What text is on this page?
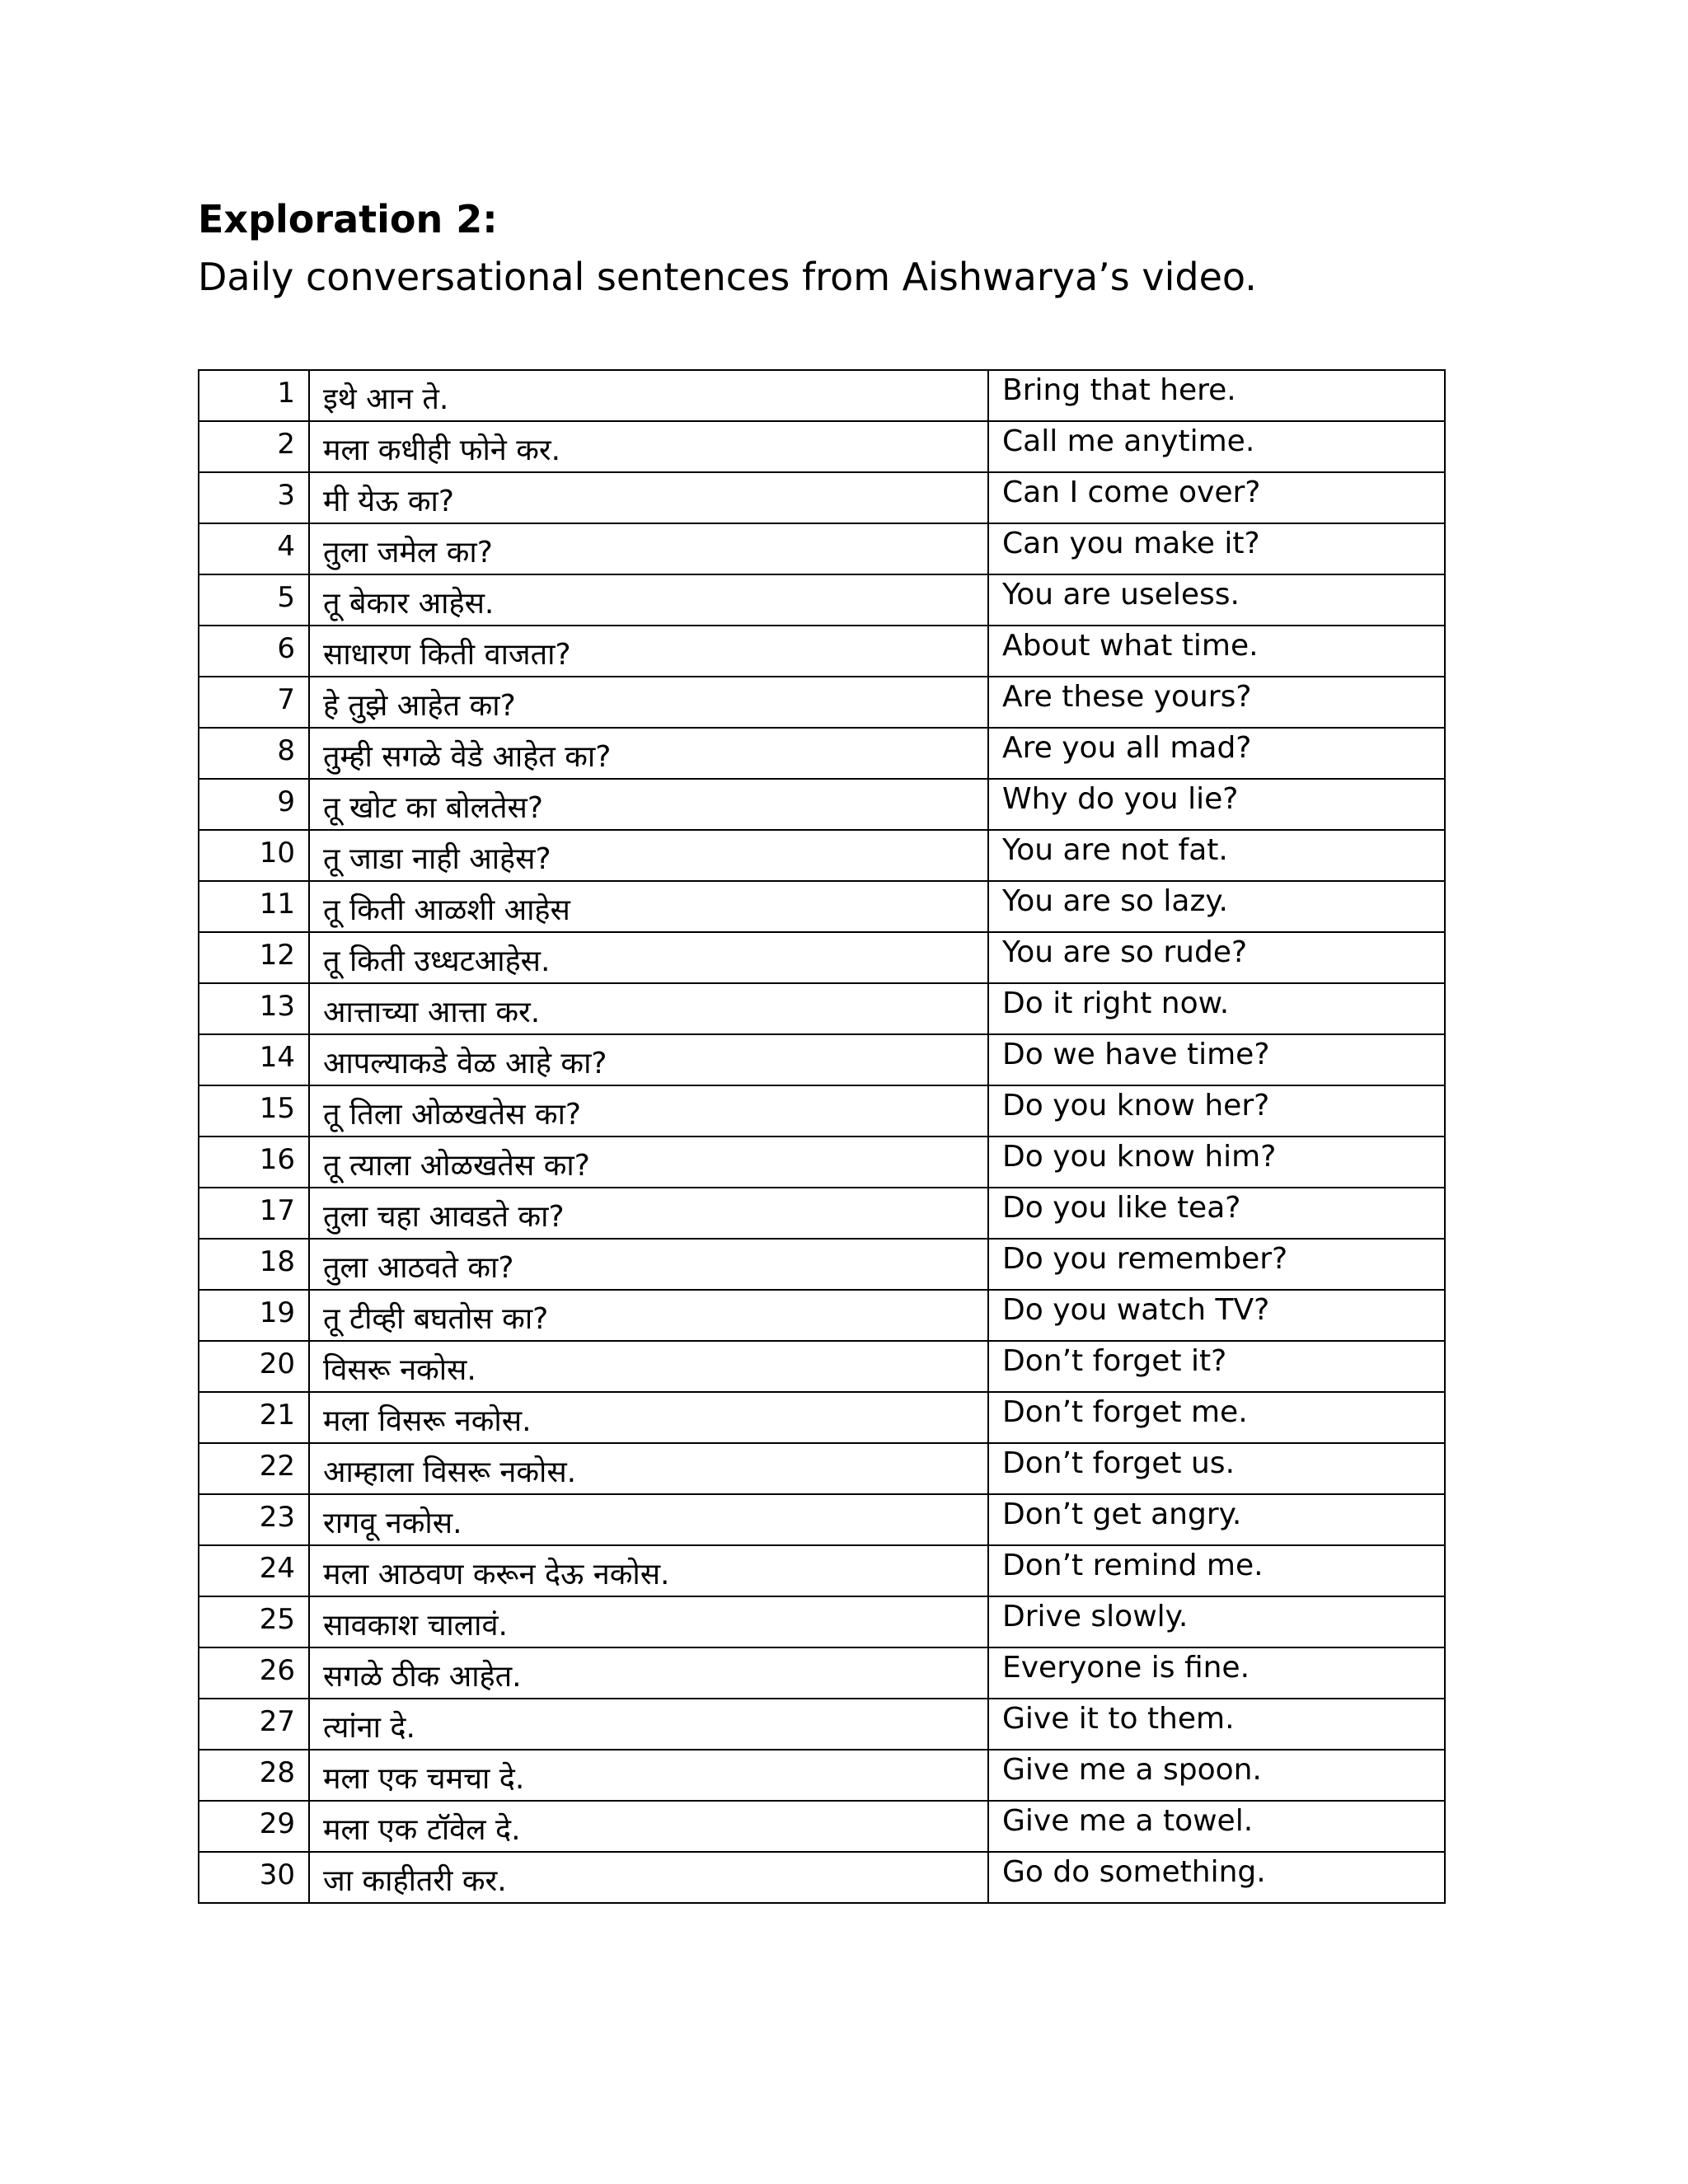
Exploration 2:
Daily conversational sentences from Aishwarya’s video.
1	इथे आन ते.	Bring that here.
2	मला कधीही फोने कर.	Call me anytime.
3	मी येऊ का?	Can I come over?
4	तुला जमेल का?	Can you make it?
5	तू बेकार आहेस.	You are useless.
6	साधारण किती वाजता?	About what time.
7	हे तुझे आहेत का?	Are these yours?
8	तुम्ही सगळे वेडे आहेत का?	Are you all mad?
9	तू खोट का बोलतेस?	Why do you lie?
10	तू जाडा नाही आहेस?	You are not fat.
11	तू किती आळशी आहेस	You are so lazy.
12	तू किती उध्धटआहेस.	You are so rude?
13	आत्ताच्या आत्ता कर.	Do it right now.
14	आपल्याकडे वेळ आहे का?	Do we have time?
15	तू तिला ओळखतेस का?	Do you know her?
16	तू त्याला ओळखतेस का?	Do you know him?
17	तुला चहा आवडते का?	Do you like tea?
18	तुला आठवते का?	Do you remember?
19	तू टीव्ही बघतोस का?	Do you watch TV?
20	विसरू नकोस.	Don’t forget it?
21	मला विसरू नकोस.	Don’t forget me.
22	आम्हाला विसरू नकोस.	Don’t forget us.
23	रागवू नकोस.	Don’t get angry.
24	मला आठवण करून देऊ नकोस.	Don’t remind me.
25	सावकाश चालावं.	Drive slowly.
26	सगळे ठीक आहेत.	Everyone is fine.
27	त्यांना दे.	Give it to them.
28	मला एक चमचा दे.	Give me a spoon.
29	मला एक टॉवेल दे.	Give me a towel.
30	जा काहीतरी कर.	Go do something.
